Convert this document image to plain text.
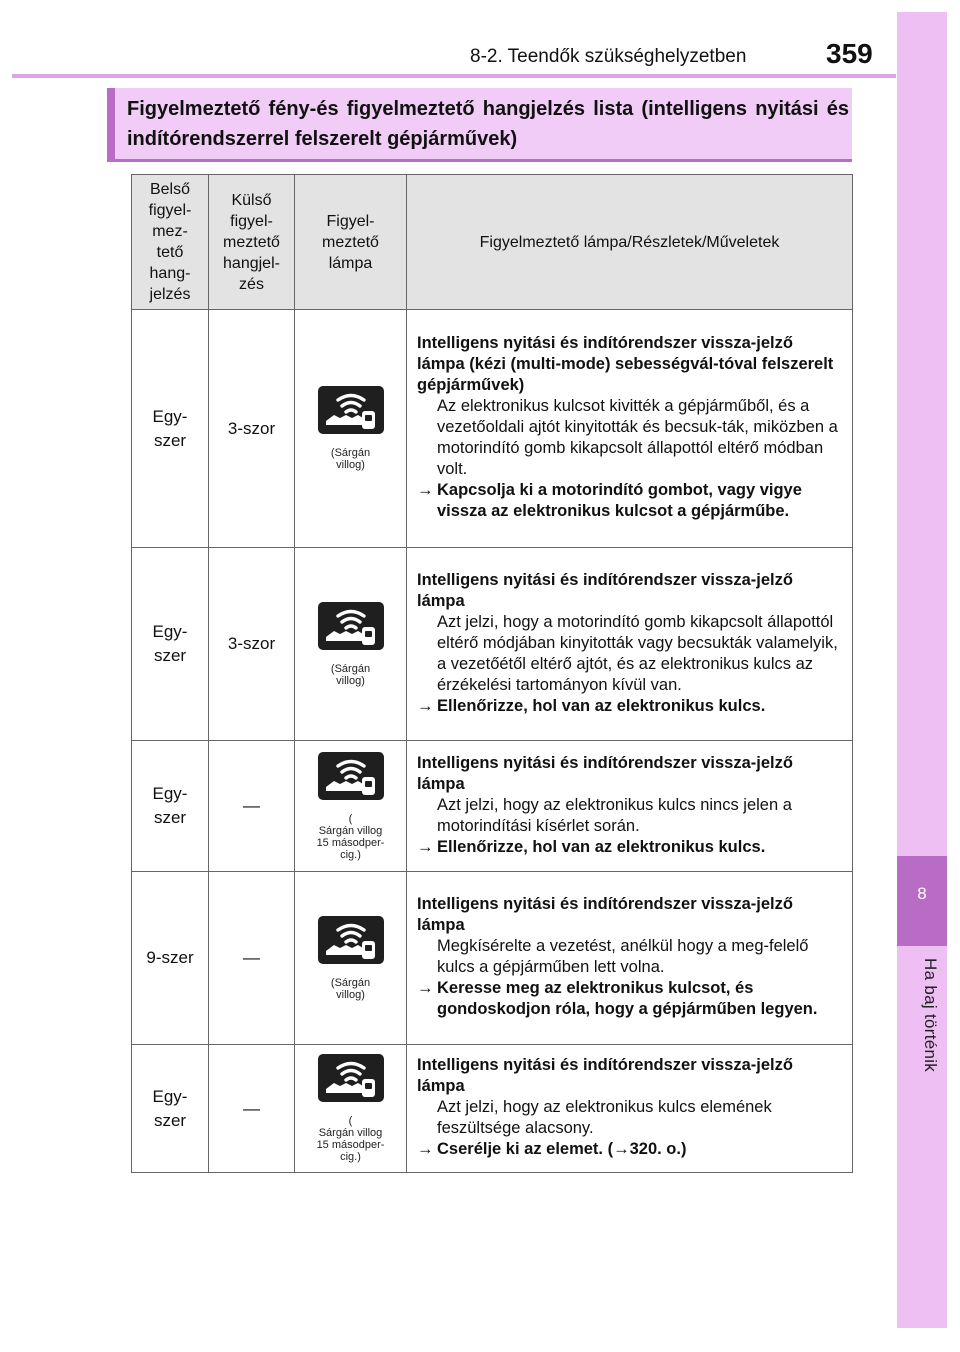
8-2. Teendők szükséghelyzetben	359
8
Ha baj történik
Figyelmeztető fény-és figyelmeztető hangjelzés lista (intelligens nyitási és indítórendszerrel felszerelt gépjárművek)
Belső figyel-
mez-
tető
hang-
jelzés	Külső
figyel-
meztető
hangjel-
zés	Figyel-
meztető
lámpa	Figyelmeztető lámpa/Részletek/Műveletek
Egy-
szer	3-szor	(Sárgán
villog)	Intelligens nyitási és indítórendszer vissza-jelző lámpa (kézi (multi-mode) sebességvál-tóval felszerelt gépjárművek)
Az elektronikus kulcsot kivitték a gépjárműből, és a vezetőoldali ajtót kinyitották és becsuk-ták, miközben a motorindító gomb kikapcsolt állapottól eltérő módban volt.
→ Kapcsolja ki a motorindító gombot, vagy vigye vissza az elektronikus kulcsot a gépjárműbe.

Egy-
szer	3-szor	(Sárgán
villog)	Intelligens nyitási és indítórendszer vissza-jelző lámpa
Azt jelzi, hogy a motorindító gomb kikapcsolt állapottól eltérő módjában kinyitották vagy becsukták valamelyik, a vezetőétől eltérő ajtót, és az elektronikus kulcs az érzékelési tartományon kívül van.
→ Ellenőrizze, hol van az elektronikus kulcs.

Egy-
szer	—	(
Sárgán villog
15 másodper-
cig.)	Intelligens nyitási és indítórendszer vissza-jelző lámpa
Azt jelzi, hogy az elektronikus kulcs nincs jelen a motorindítási kísérlet során.
→ Ellenőrizze, hol van az elektronikus kulcs.

9-szer	—	(Sárgán
villog)	Intelligens nyitási és indítórendszer vissza-jelző lámpa
Megkísérelte a vezetést, anélkül hogy a meg-felelő kulcs a gépjárműben lett volna.
→ Keresse meg az elektronikus kulcsot, és gondoskodjon róla, hogy a gépjárműben legyen.

Egy-
szer	—	(
Sárgán villog
15 másodper-
cig.)	Intelligens nyitási és indítórendszer vissza-jelző lámpa
Azt jelzi, hogy az elektronikus kulcs elemének feszültsége alacsony.
→ Cserélje ki az elemet. (→320. o.)
